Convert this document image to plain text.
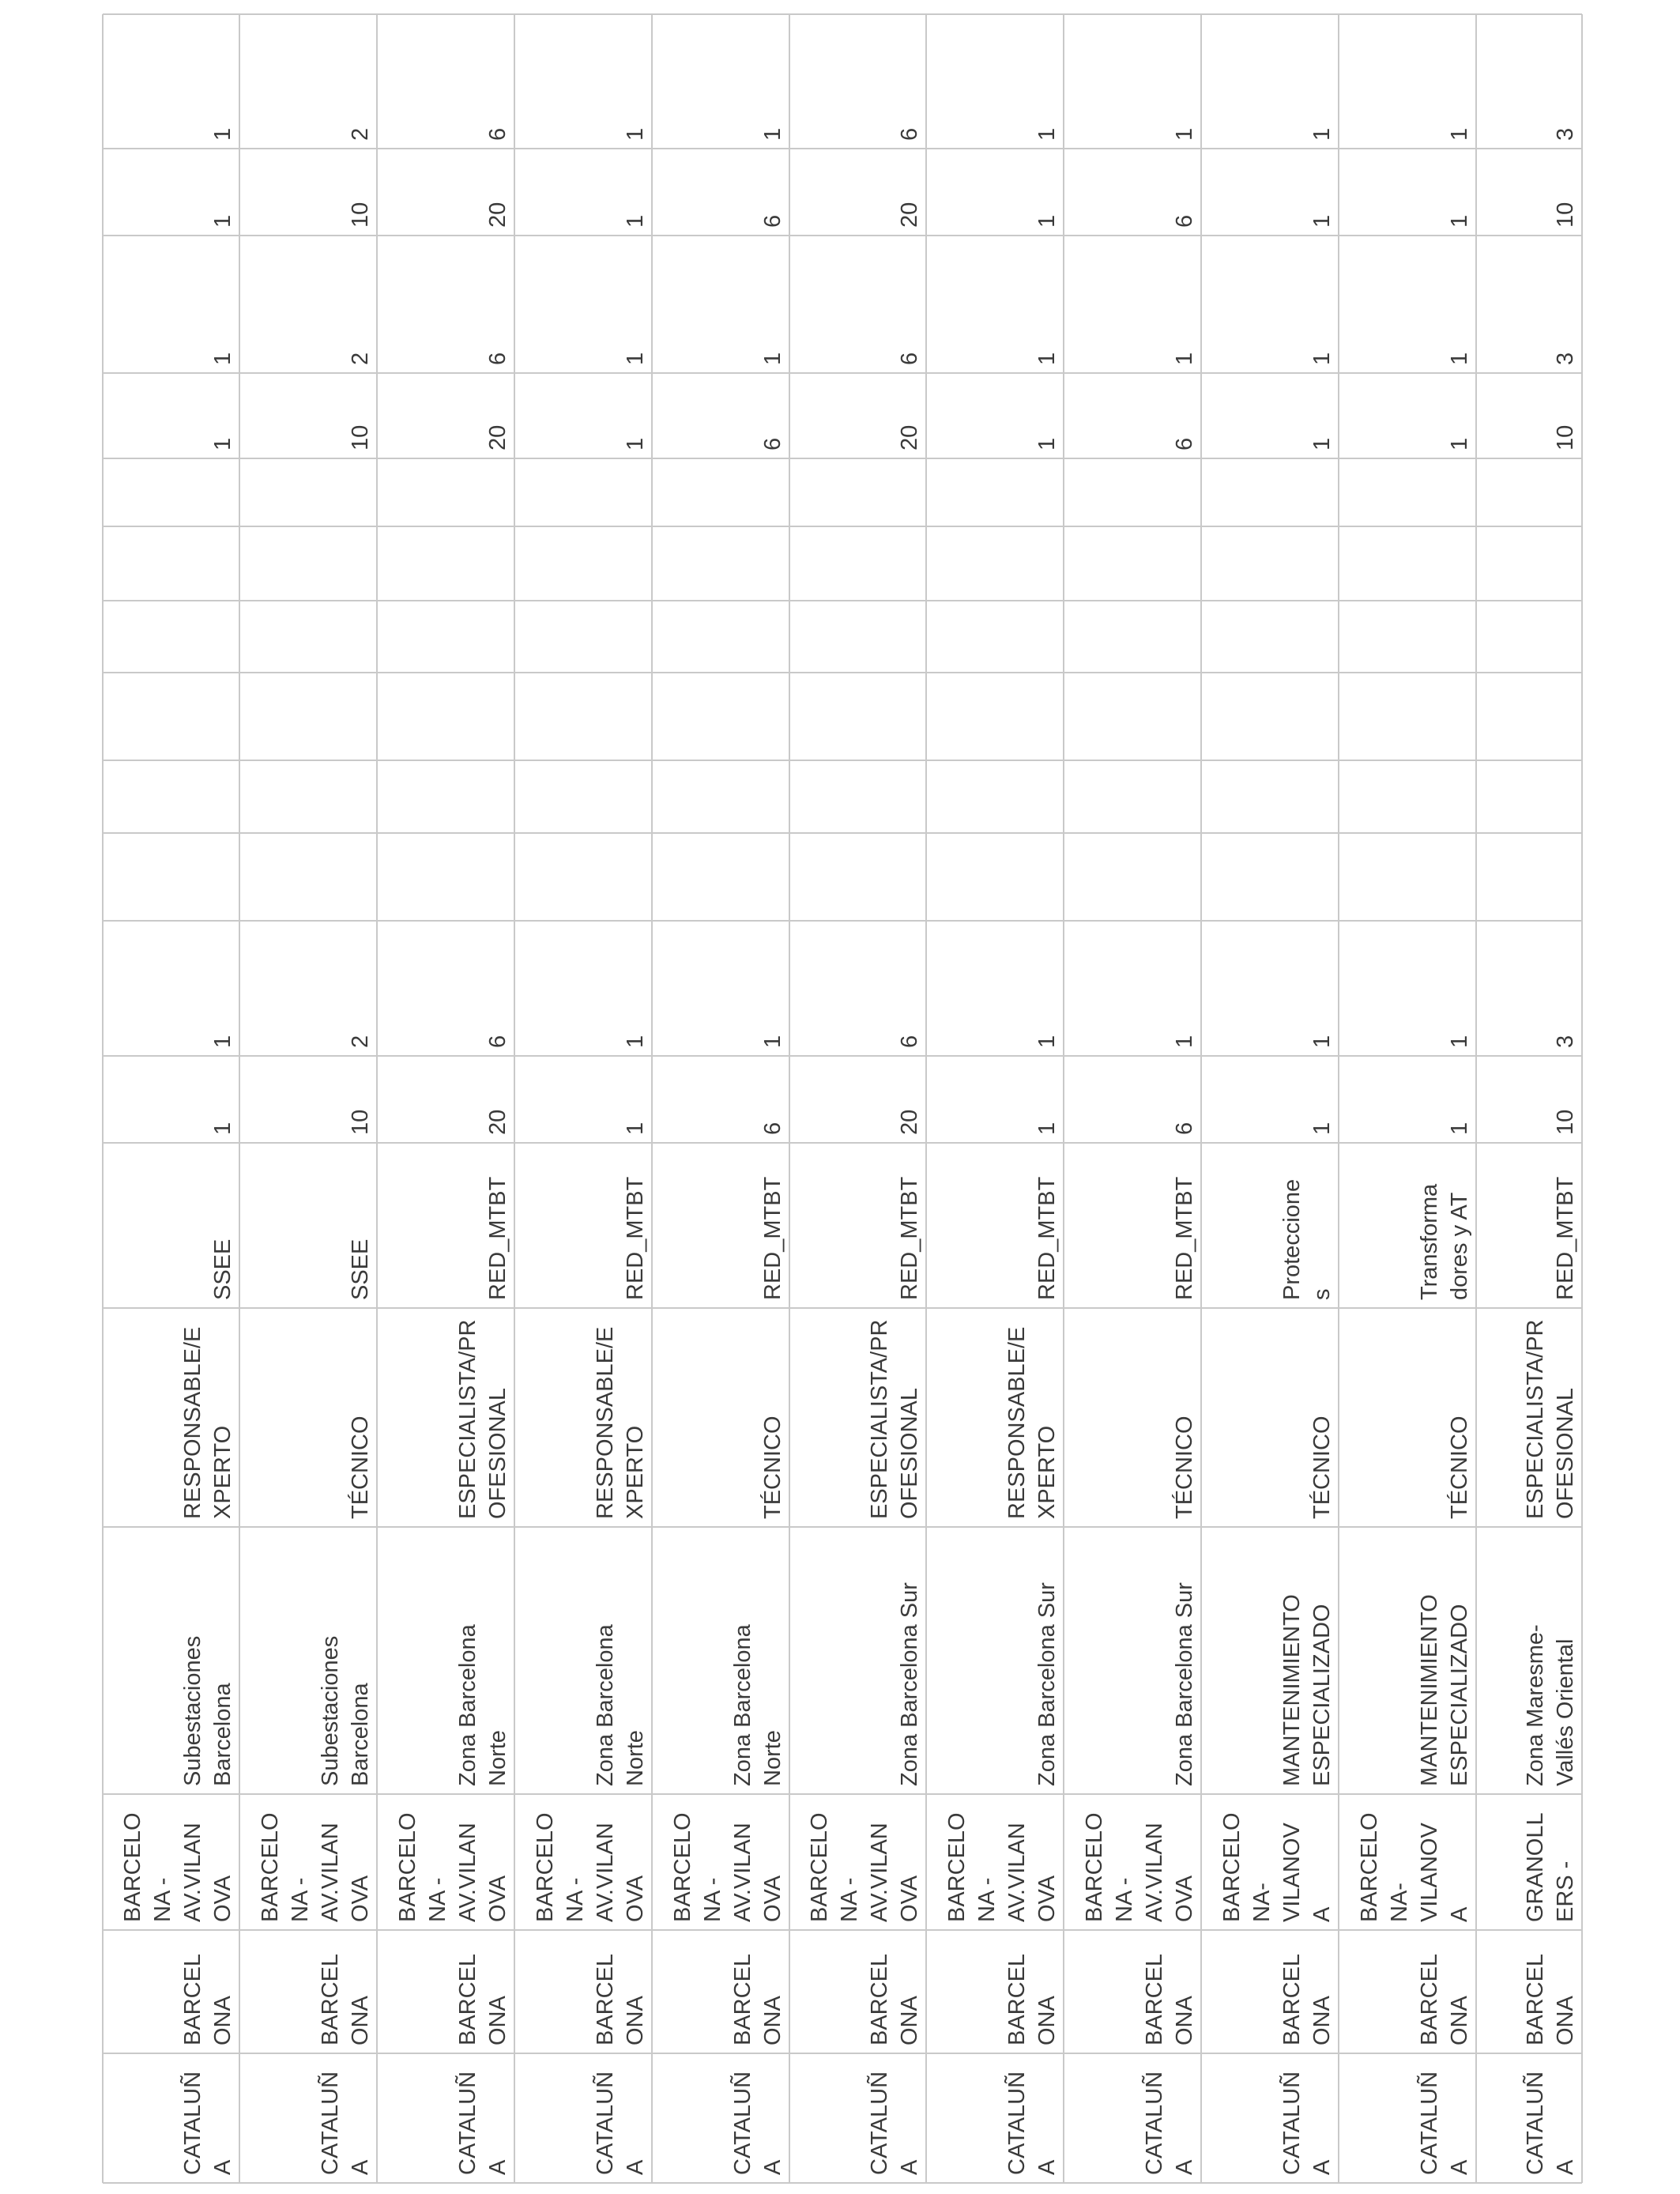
CATALUÑ A
BARCEL ONA
BARCELO NA - AV.VILAN OVA
Subestaciones Barcelona
RESPONSABLE/E XPERTO
SSEE
1
1
1
1
1
1
CATALUÑ A
BARCEL ONA
BARCELO NA - AV.VILAN OVA
Subestaciones Barcelona
TÉCNICO
SSEE
10
2
10
2
10
2
CATALUÑ A
BARCEL ONA
BARCELO NA - AV.VILAN OVA
Zona Barcelona Norte
ESPECIALISTA/PR OFESIONAL
RED_MTBT
20
6
20
6
20
6
CATALUÑ A
BARCEL ONA
BARCELO NA - AV.VILAN OVA
Zona Barcelona Norte
RESPONSABLE/E XPERTO
RED_MTBT
1
1
1
1
1
1
CATALUÑ A
BARCEL ONA
BARCELO NA - AV.VILAN OVA
Zona Barcelona Norte
TÉCNICO
RED_MTBT
6
1
6
1
6
1
CATALUÑ A
BARCEL ONA
BARCELO NA - AV.VILAN OVA
Zona Barcelona Sur
ESPECIALISTA/PR OFESIONAL
RED_MTBT
20
6
20
6
20
6
CATALUÑ A
BARCEL ONA
BARCELO NA - AV.VILAN OVA
Zona Barcelona Sur
RESPONSABLE/E XPERTO
RED_MTBT
1
1
1
1
1
1
CATALUÑ A
BARCEL ONA
BARCELO NA - AV.VILAN OVA
Zona Barcelona Sur
TÉCNICO
RED_MTBT
6
1
6
1
6
1
CATALUÑ A
BARCEL ONA
BARCELO NA- VILANOV A
MANTENIMIENTO ESPECIALIZADO
TÉCNICO
Proteccione s
1
1
1
1
1
1
CATALUÑ A
BARCEL ONA
BARCELO NA- VILANOV A
MANTENIMIENTO ESPECIALIZADO
TÉCNICO
Transforma dores y AT
1
1
1
1
1
1
CATALUÑ A
BARCEL ONA
GRANOLL ERS -
Zona Maresme- Vallés Oriental
ESPECIALISTA/PR OFESIONAL
RED_MTBT
10
3
10
3
10
3
